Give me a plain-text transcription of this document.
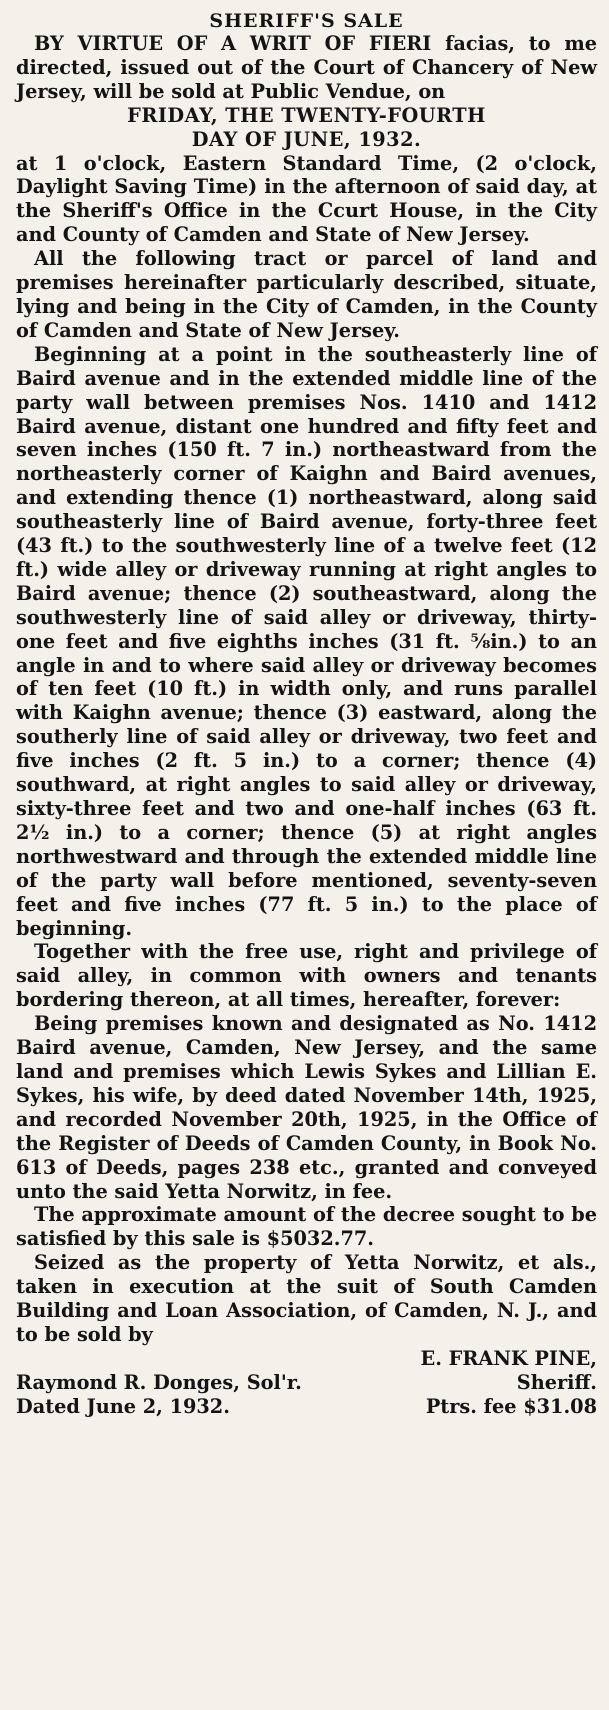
SHERIFF'S SALE

BY VIRTUE OF A WRIT OF FIERI facias, to me directed, issued out of the Court of Chancery of New Jersey, will be sold at Public Vendue, on

FRIDAY, THE TWENTY-FOURTH
DAY OF JUNE, 1932.

at 1 o'clock, Eastern Standard Time, (2 o'clock, Daylight Saving Time) in the afternoon of said day, at the Sheriff's Office in the Ccurt House, in the City and County of Camden and State of New Jersey.

All the following tract or parcel of land and premises hereinafter particularly described, situate, lying and being in the City of Camden, in the County of Camden and State of New Jersey.

Beginning at a point in the southeasterly line of Baird avenue and in the extended middle line of the party wall between premises Nos. 1410 and 1412 Baird avenue, distant one hundred and fifty feet and seven inches (150 ft. 7 in.) northeastward from the northeasterly corner of Kaighn and Baird avenues, and extending thence (1) northeastward, along said southeasterly line of Baird avenue, forty-three feet (43 ft.) to the southwesterly line of a twelve feet (12 ft.) wide alley or driveway running at right angles to Baird avenue; thence (2) southeastward, along the southwesterly line of said alley or driveway, thirty-one feet and five eighths inches (31 ft. ⅝in.) to an angle in and to where said alley or driveway becomes of ten feet (10 ft.) in width only, and runs parallel with Kaighn avenue; thence (3) eastward, along the southerly line of said alley or driveway, two feet and five inches (2 ft. 5 in.) to a corner; thence (4) southward, at right angles to said alley or driveway, sixty-three feet and two and one-half inches (63 ft. 2½ in.) to a corner; thence (5) at right angles northwestward and through the extended middle line of the party wall before mentioned, seventy-seven feet and five inches (77 ft. 5 in.) to the place of beginning.

Together with the free use, right and privilege of said alley, in common with owners and tenants bordering thereon, at all times, hereafter, forever:

Being premises known and designated as No. 1412 Baird avenue, Camden, New Jersey, and the same land and premises which Lewis Sykes and Lillian E. Sykes, his wife, by deed dated November 14th, 1925, and recorded November 20th, 1925, in the Office of the Register of Deeds of Camden County, in Book No. 613 of Deeds, pages 238 etc., granted and conveyed unto the said Yetta Norwitz, in fee.

The approximate amount of the decree sought to be satisfied by this sale is $5032.77.

Seized as the property of Yetta Norwitz, et als., taken in execution at the suit of South Camden Building and Loan Association, of Camden, N. J., and to be sold by

E. FRANK PINE,
Raymond R. Donges, Sol'r.	Sheriff.
Dated June 2, 1932.	Ptrs. fee $31.08
